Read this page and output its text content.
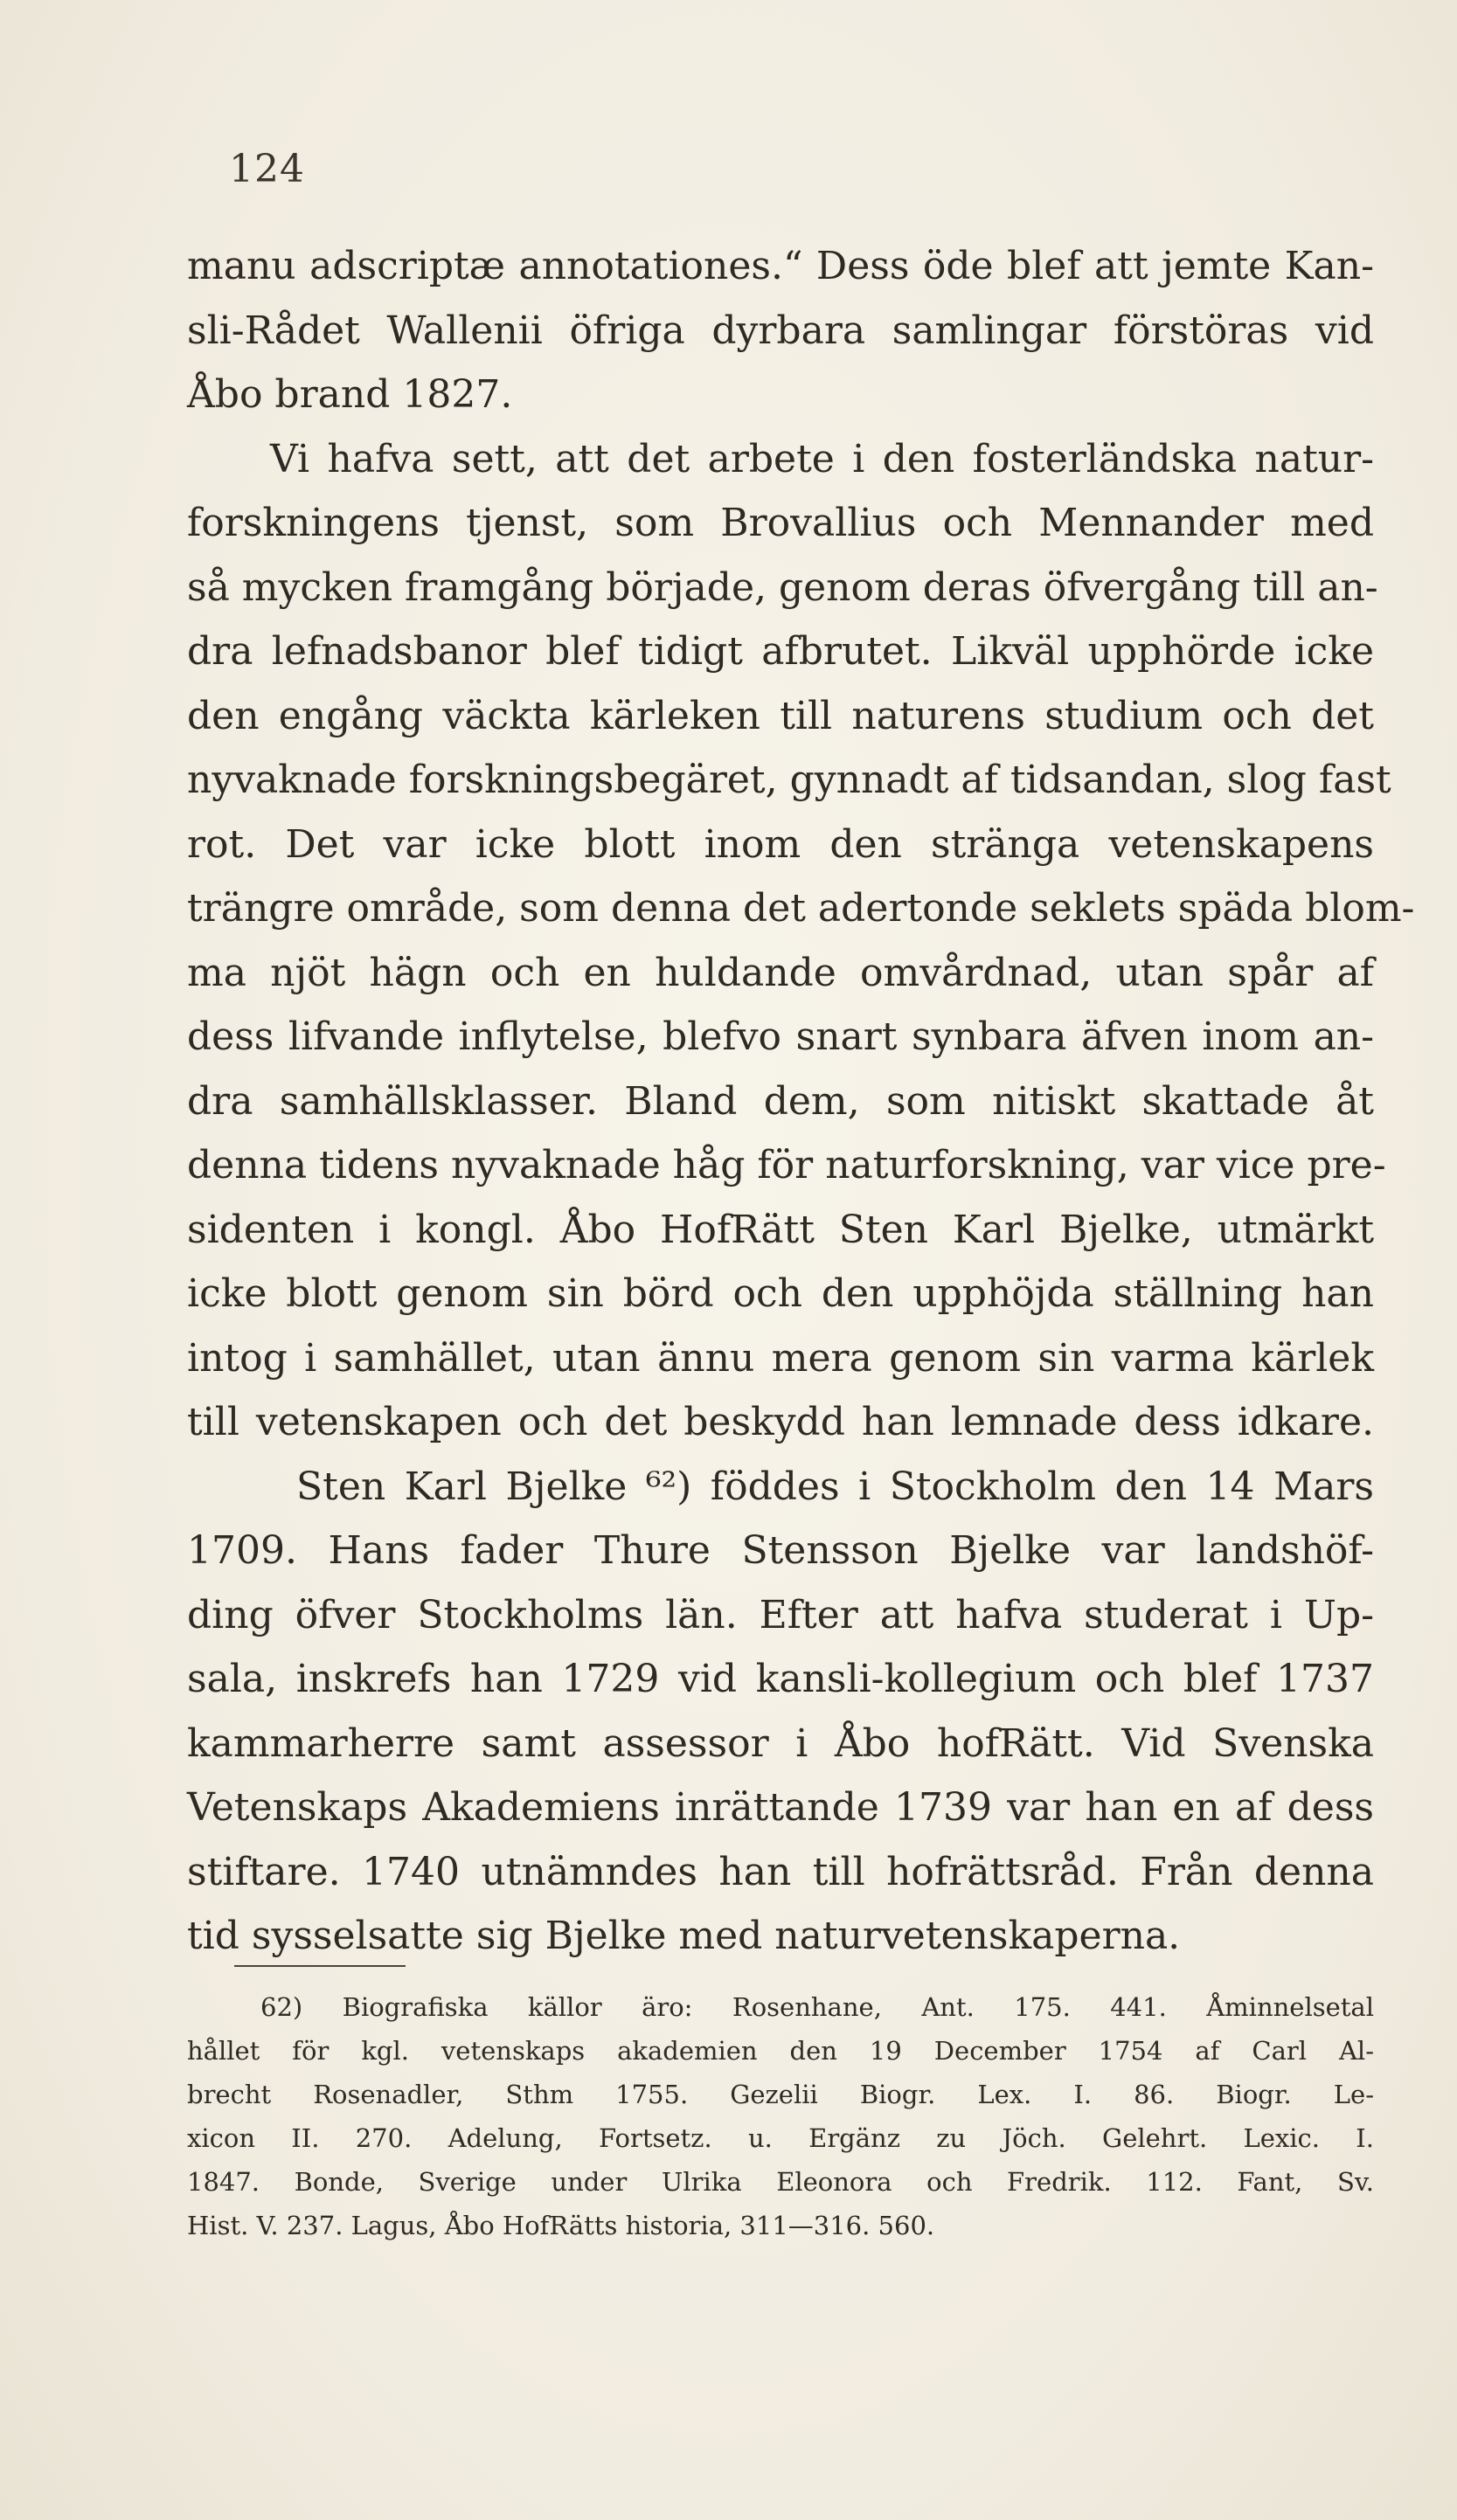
124
manu adscriptæ annotationes.“ Dess öde blef att jemte Kan-
sli-Rådet Wallenii öfriga dyrbara samlingar förstöras vid
Åbo brand 1827.
Vi hafva sett, att det arbete i den fosterländska natur-
forskningens tjenst, som Brovallius och Mennander med
så mycken framgång började, genom deras öfvergång till an-
dra lefnadsbanor blef tidigt afbrutet. Likväl upphörde icke
den engång väckta kärleken till naturens studium och det
nyvaknade forskningsbegäret, gynnadt af tidsandan, slog fast
rot. Det var icke blott inom den stränga vetenskapens
trängre område, som denna det adertonde seklets späda blom-
ma njöt hägn och en huldande omvårdnad, utan spår af
dess lifvande inflytelse, blefvo snart synbara äfven inom an-
dra samhällsklasser. Bland dem, som nitiskt skattade åt
denna tidens nyvaknade håg för naturforskning, var vice pre-
sidenten i kongl. Åbo HofRätt Sten Karl Bjelke, utmärkt
icke blott genom sin börd och den upphöjda ställning han
intog i samhället, utan ännu mera genom sin varma kärlek
till vetenskapen och det beskydd han lemnade dess idkare.
Sten Karl Bjelke ⁶²) föddes i Stockholm den 14 Mars
1709. Hans fader Thure Stensson Bjelke var landshöf-
ding öfver Stockholms län. Efter att hafva studerat i Up-
sala, inskrefs han 1729 vid kansli-kollegium och blef 1737
kammarherre samt assessor i Åbo hofRätt. Vid Svenska
Vetenskaps Akademiens inrättande 1739 var han en af dess
stiftare. 1740 utnämndes han till hofrättsråd. Från denna
tid sysselsatte sig Bjelke med naturvetenskaperna.
62) Biografiska källor äro: Rosenhane, Ant. 175. 441. Åminnelsetal
hållet för kgl. vetenskaps akademien den 19 December 1754 af Carl Al-
brecht Rosenadler, Sthm 1755. Gezelii Biogr. Lex. I. 86. Biogr. Le-
xicon II. 270. Adelung, Fortsetz. u. Ergänz zu Jöch. Gelehrt. Lexic. I.
1847. Bonde, Sverige under Ulrika Eleonora och Fredrik. 112. Fant, Sv.
Hist. V. 237. Lagus, Åbo HofRätts historia, 311—316. 560.
